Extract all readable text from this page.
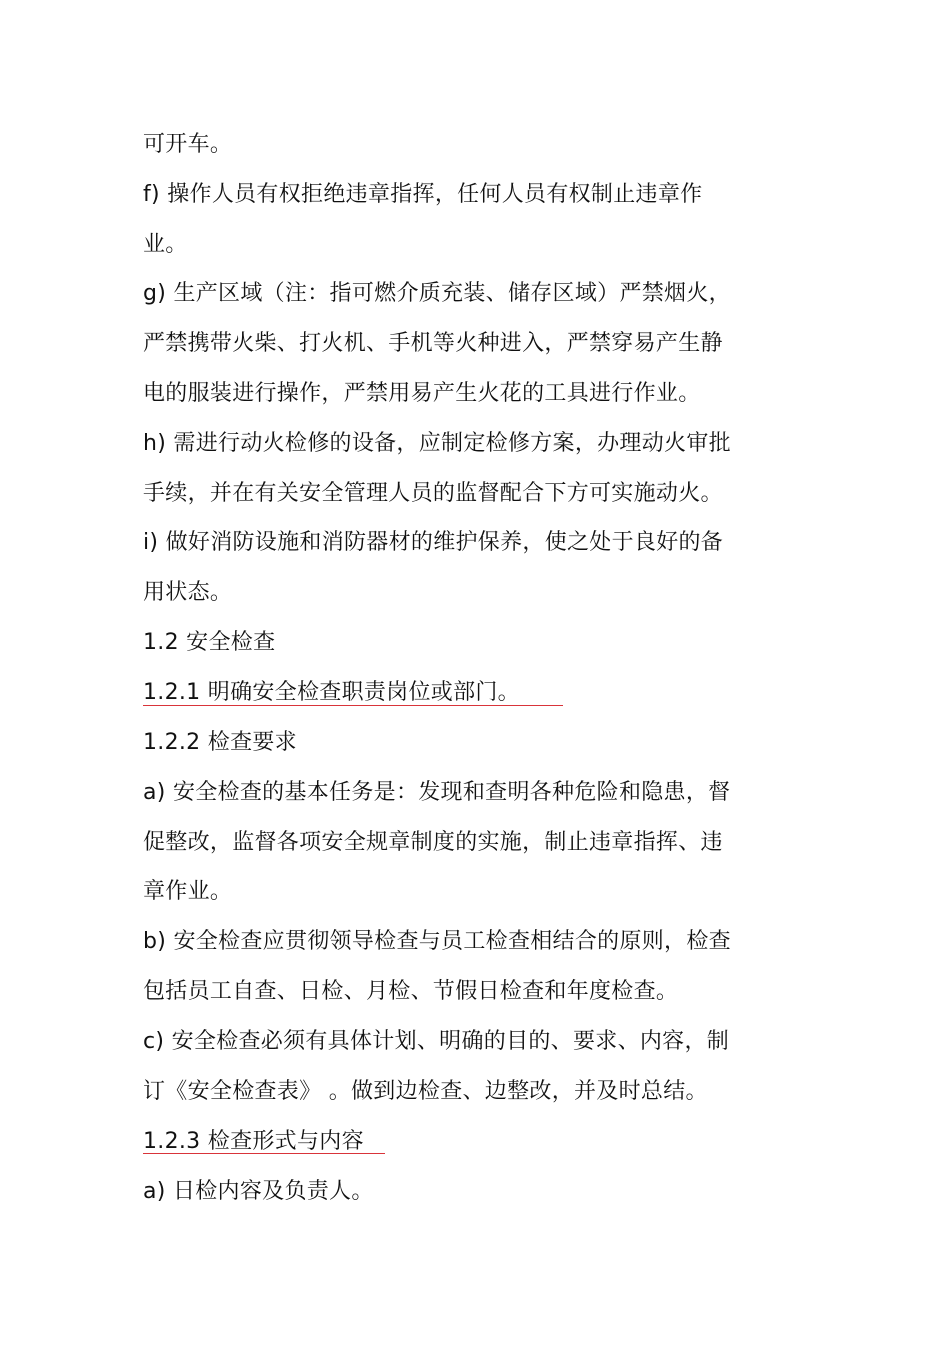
可开车。
f) 操作人员有权拒绝违章指挥，任何人员有权制止违章作
业。
g) 生产区域（注：指可燃介质充装、储存区域）严禁烟火，
严禁携带火柴、打火机、手机等火种进入，严禁穿易产生静
电的服装进行操作，严禁用易产生火花的工具进行作业。
h) 需进行动火检修的设备，应制定检修方案，办理动火审批
手续，并在有关安全管理人员的监督配合下方可实施动火。
i) 做好消防设施和消防器材的维护保养，使之处于良好的备
用状态。
1.2 安全检查
1.2.1 明确安全检查职责岗位或部门。
1.2.2 检查要求
a) 安全检查的基本任务是：发现和查明各种危险和隐患，督
促整改，监督各项安全规章制度的实施，制止违章指挥、违
章作业。
b) 安全检查应贯彻领导检查与员工检查相结合的原则，检查
包括员工自查、日检、月检、节假日检查和年度检查。
c) 安全检查必须有具体计划、明确的目的、要求、内容，制
订《安全检查表》 。做到边检查、边整改，并及时总结。
1.2.3 检查形式与内容
a) 日检内容及负责人。
